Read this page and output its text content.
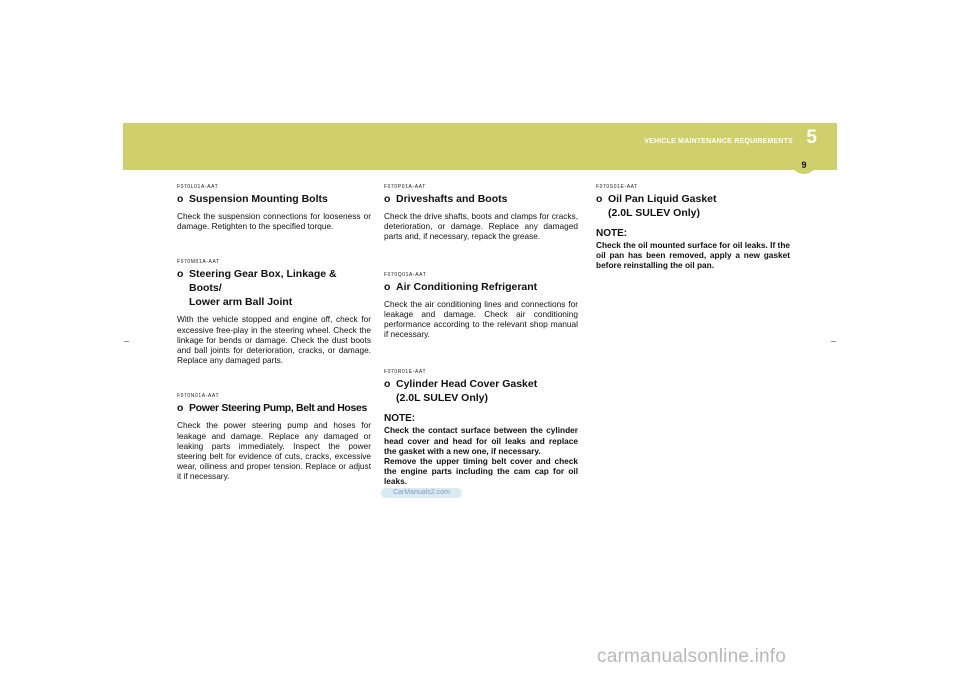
VEHICLE MAINTENANCE REQUIREMENTS 5
9
F070L01A-AAT
o Suspension Mounting Bolts
Check the suspension connections for looseness or damage. Retighten to the specified torque.
F070M01A-AAT
o Steering Gear Box, Linkage & Boots/
Lower arm Ball Joint
With the vehicle stopped and engine off, check for excessive free-play in the steering wheel. Check the linkage for bends or damage. Check the dust boots and ball joints for deterioration, cracks, or damage. Replace any damaged parts.
F070N01A-AAT
o Power Steering Pump, Belt and Hoses
Check the power steering pump and hoses for leakage and damage. Replace any damaged or leaking parts immediately. Inspect the power steering belt for evidence of cuts, cracks, excessive wear, oiliness and proper tension. Replace or adjust it if necessary.
F070P01A-AAT
o Driveshafts and Boots
Check the drive shafts, boots and clamps for cracks, deterioration, or damage. Replace any damaged parts and, if necessary, repack the grease.
F070Q01A-AAT
o Air Conditioning Refrigerant
Check the air conditioning lines and connections for leakage and damage. Check air conditioning performance according to the relevant shop manual if necessary.
F070R01E-AAT
o Cylinder Head Cover Gasket
(2.0L SULEV Only)
NOTE:
Check the contact surface between the cylinder head cover and head for oil leaks and replace the gasket with a new one, if necessary.
Remove the upper timing belt cover and check the engine parts including the cam cap for oil leaks.
F070S01E-AAT
o Oil Pan Liquid Gasket
(2.0L SULEV Only)
NOTE:
Check the oil mounted surface for oil leaks. If the oil pan has been removed, apply a new gasket before reinstalling the oil pan.
CarManuals2.com
carmanualsonline.info
